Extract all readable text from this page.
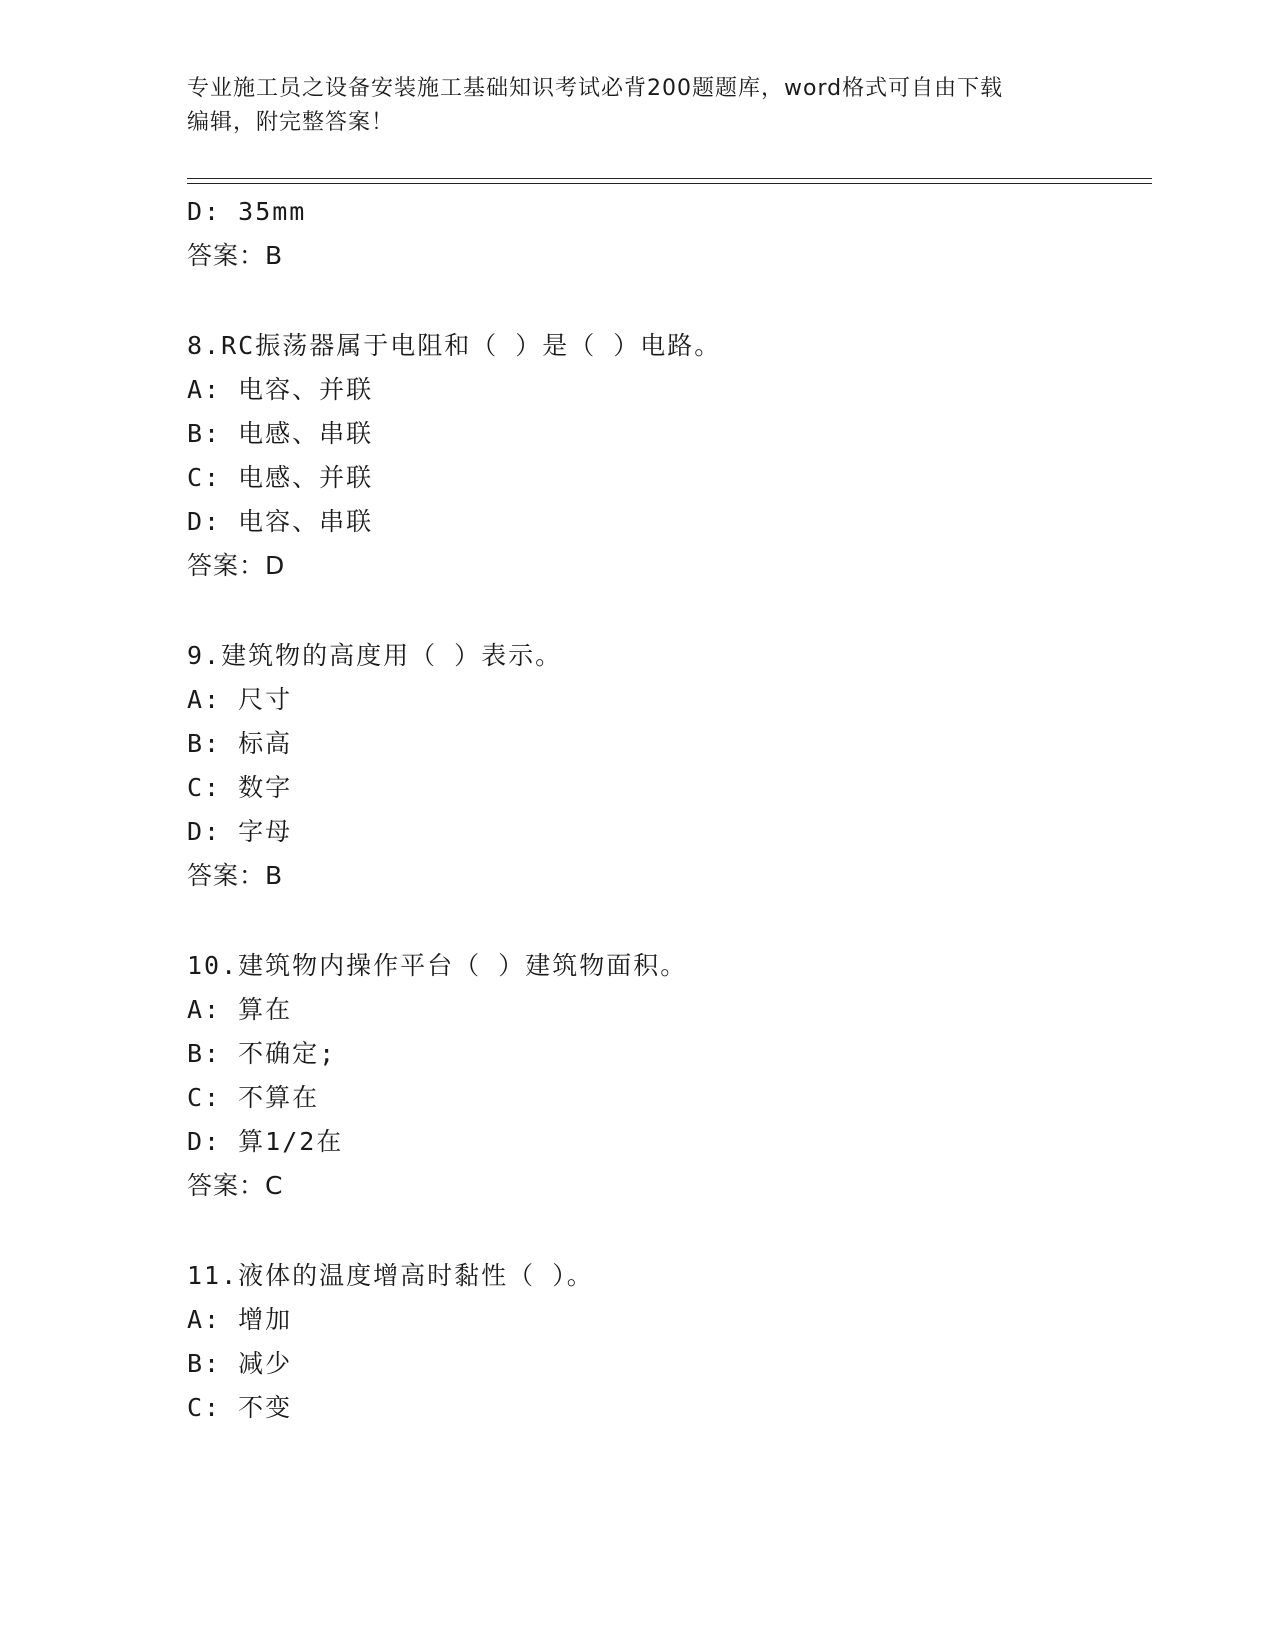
专业施工员之设备安装施工基础知识考试必背200题题库，word格式可自由下载
编辑，附完整答案！
D: 35mm
答案：B
8.RC振荡器属于电阻和（ ）是（ ）电路。
A: 电容、并联
B: 电感、串联
C: 电感、并联
D: 电容、串联
答案：D
9.建筑物的高度用（ ）表示。
A: 尺寸
B: 标高
C: 数字
D: 字母
答案：B
10.建筑物内操作平台（ ）建筑物面积。
A: 算在
B: 不确定;
C: 不算在
D: 算1/2在
答案：C
11.液体的温度增高时黏性（ ）。
A: 增加
B: 减少
C: 不变
